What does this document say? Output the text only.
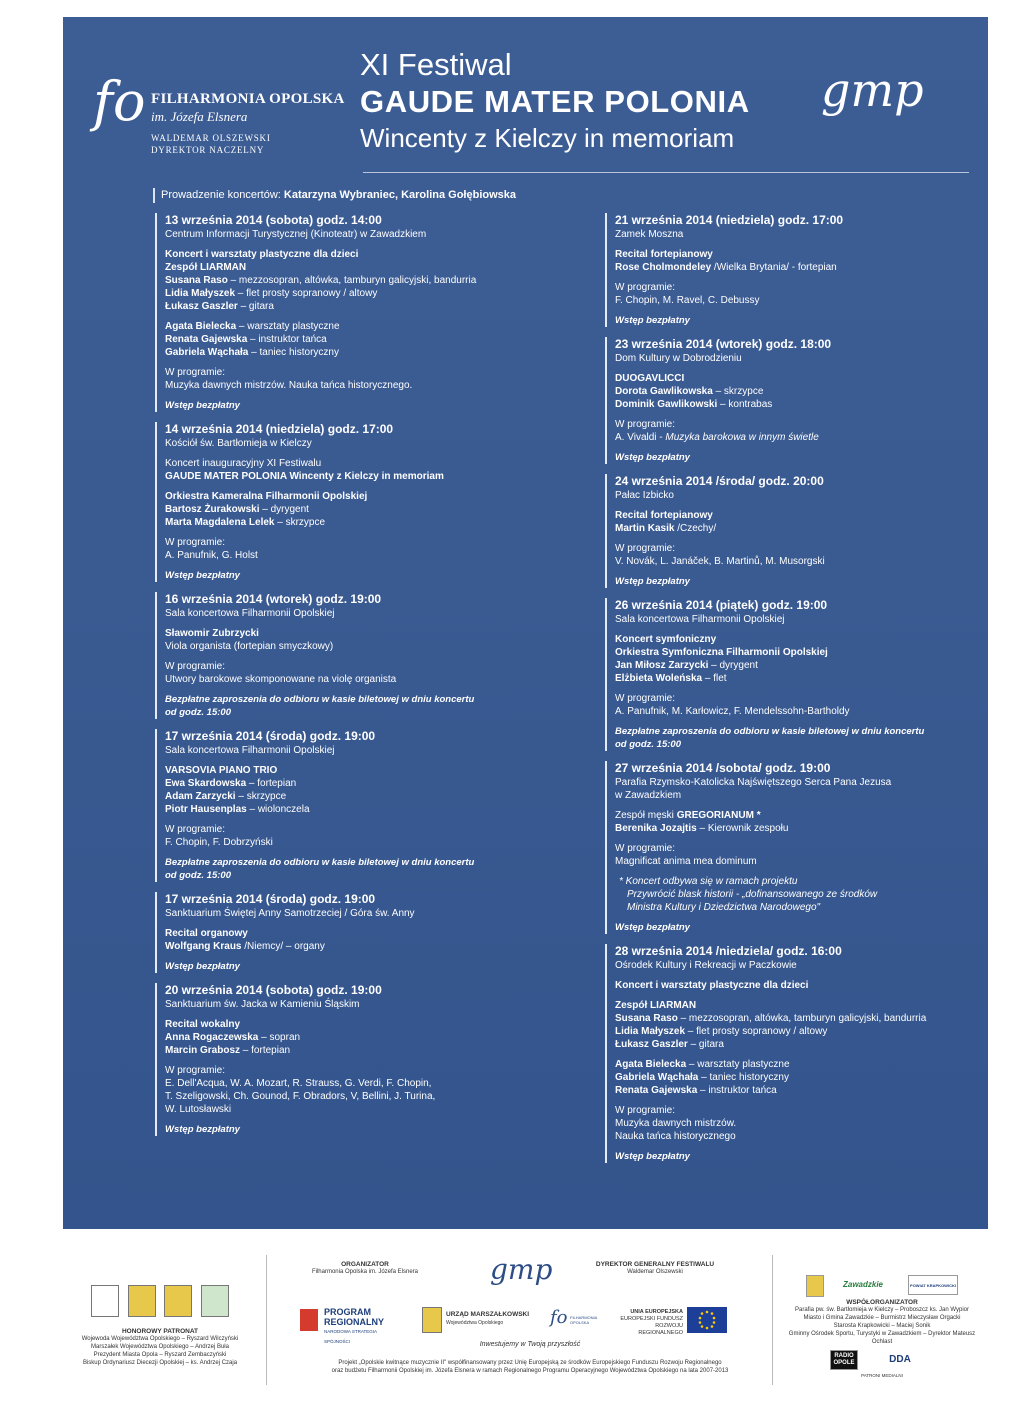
fo FILHARMONIA OPOLSKA
im. Józefa Elsnera
WALDEMAR OLSZEWSKI
DYREKTOR NACZELNY
XI Festiwal
GAUDE MATER POLONIA
Wincenty z Kielczy in memoriam
gmp
Prowadzenie koncertów: Katarzyna Wybraniec, Karolina Gołębiowska
13 września 2014 (sobota) godz. 14:00
Centrum Informacji Turystycznej (Kinoteatr) w Zawadzkiem
Koncert i warsztaty plastyczne dla dzieci
Zespół LIARMAN
Susana Raso – mezzosopran, altówka, tamburyn galicyjski, bandurria
Lidia Małyszek – flet prosty sopranowy / altowy
Łukasz Gaszler – gitara
Agata Bielecka – warsztaty plastyczne
Renata Gajewska – instruktor tańca
Gabriela Wąchała – taniec historyczny
W programie:
Muzyka dawnych mistrzów. Nauka tańca historycznego.
Wstęp bezpłatny
14 września 2014 (niedziela) godz. 17:00
Kościół św. Bartłomieja w Kielczy
Koncert inauguracyjny XI Festiwalu
GAUDE MATER POLONIA Wincenty z Kielczy in memoriam
Orkiestra Kameralna Filharmonii Opolskiej
Bartosz Żurakowski – dyrygent
Marta Magdalena Lelek – skrzypce
W programie:
A. Panufnik, G. Holst
Wstęp bezpłatny
16 września 2014 (wtorek) godz. 19:00
Sala koncertowa Filharmonii Opolskiej
Sławomir Zubrzycki
Viola organista (fortepian smyczkowy)
W programie:
Utwory barokowe skomponowane na violę organista
Bezpłatne zaproszenia do odbioru w kasie biletowej w dniu koncertu
od godz. 15:00
17 września 2014 (środa) godz. 19:00
Sala koncertowa Filharmonii Opolskiej
VARSOVIA PIANO TRIO
Ewa Skardowska – fortepian
Adam Zarzycki – skrzypce
Piotr Hausenplas – wiolonczela
W programie:
F. Chopin, F. Dobrzyński
Bezpłatne zaproszenia do odbioru w kasie biletowej w dniu koncertu
od godz. 15:00
17 września 2014 (środa) godz. 19:00
Sanktuarium Świętej Anny Samotrzeciej / Góra św. Anny
Recital organowy
Wolfgang Kraus /Niemcy/ – organy
Wstęp bezpłatny
20 września 2014 (sobota) godz. 19:00
Sanktuarium św. Jacka w Kamieniu Śląskim
Recital wokalny
Anna Rogaczewska – sopran
Marcin Grabosz – fortepian
W programie:
E. Dell'Acqua, W. A. Mozart, R. Strauss, G. Verdi, F. Chopin,
T. Szeligowski, Ch. Gounod, F. Obradors, V, Bellini, J. Turina,
W. Lutosławski
Wstęp bezpłatny
21 września 2014 (niedziela) godz. 17:00
Zamek Moszna
Recital fortepianowy
Rose Cholmondeley /Wielka Brytania/ - fortepian
W programie:
F. Chopin, M. Ravel, C. Debussy
Wstęp bezpłatny
23 września 2014 (wtorek) godz. 18:00
Dom Kultury w Dobrodzieniu
DUOGAVLICCI
Dorota Gawlikowska – skrzypce
Dominik Gawlikowski – kontrabas
W programie:
A. Vivaldi - Muzyka barokowa w innym świetle
Wstęp bezpłatny
24 września 2014 /środa/ godz. 20:00
Pałac Izbicko
Recital fortepianowy
Martin Kasik /Czechy/
W programie:
V. Novák, L. Janáček, B. Martinů, M. Musorgski
Wstęp bezpłatny
26 września 2014 (piątek) godz. 19:00
Sala koncertowa Filharmonii Opolskiej
Koncert symfoniczny
Orkiestra Symfoniczna Filharmonii Opolskiej
Jan Miłosz Zarzycki – dyrygent
Elżbieta Woleńska – flet
W programie:
A. Panufnik, M. Karłowicz, F. Mendelssohn-Bartholdy
Bezpłatne zaproszenia do odbioru w kasie biletowej w dniu koncertu
od godz. 15:00
27 września 2014 /sobota/ godz. 19:00
Parafia Rzymsko-Katolicka Najświętszego Serca Pana Jezusa
w Zawadzkiem
Zespół męski GREGORIANUM *
Berenika Jozajtis – Kierownik zespołu
W programie:
Magnificat anima mea dominum
* Koncert odbywa się w ramach projektu
Przywrócić blask historii - „dofinansowanego ze środków
Ministra Kultury i Dziedzictwa Narodowego"
Wstęp bezpłatny
28 września 2014 /niedziela/ godz. 16:00
Ośrodek Kultury i Rekreacji w Paczkowie
Koncert i warsztaty plastyczne dla dzieci
Zespół LIARMAN
Susana Raso – mezzosopran, altówka, tamburyn galicyjski, bandurria
Lidia Małyszek – flet prosty sopranowy / altowy
Łukasz Gaszler – gitara
Agata Bielecka – warsztaty plastyczne
Gabriela Wąchała – taniec historyczny
Renata Gajewska – instruktor tańca
W programie:
Muzyka dawnych mistrzów.
Nauka tańca historycznego
Wstęp bezpłatny

HONOROWY PATRONAT
Wojewoda Województwa Opolskiego – Ryszard Wilczyński
Marszałek Województwa Opolskiego – Andrzej Buła
Prezydent Miasta Opola – Ryszard Zembaczyński
Biskup Ordynariusz Diecezji Opolskiej – ks. Andrzej Czaja
ORGANIZATOR
Filharmonia Opolska im. Józefa Elsnera	gmp	DYREKTOR GENERALNY FESTIWALU
Waldemar Olszewski
PROGRAM
REGIONALNY
NARODOWA STRATEGIA SPÓJNOŚCI
URZĄD MARSZAŁKOWSKI
Województwa Opolskiego	fo FILHARMONIA OPOLSKA
UNIA EUROPEJSKA
EUROPEJSKI FUNDUSZ
ROZWOJU REGIONALNEGO
Inwestujemy w Twoją przyszłość
Projekt „Opolskie kwitnące muzycznie II" współfinansowany przez Unię Europejską ze środków Europejskiego Funduszu Rozwoju Regionalnego
oraz budżetu Filharmonii Opolskiej im. Józefa Elsnera w ramach Regionalnego Programu Operacyjnego Województwa Opolskiego na lata 2007-2013
Zawadzkie	POWIAT KRAPKOWICKI
WSPÓŁORGANIZATOR
Parafia pw. św. Bartłomieja w Kielczy – Proboszcz ks. Jan Wypior
Miasto i Gmina Zawadzkie – Burmistrz Mieczysław Orgacki
Starosta Krapkowicki – Maciej Sonik
Gminny Ośrodek Sportu, Turystyki w Zawadzkiem – Dyrektor Mateusz Ochlast
RADIO
OPOLE	DDA
PATRONI MEDIALNI
